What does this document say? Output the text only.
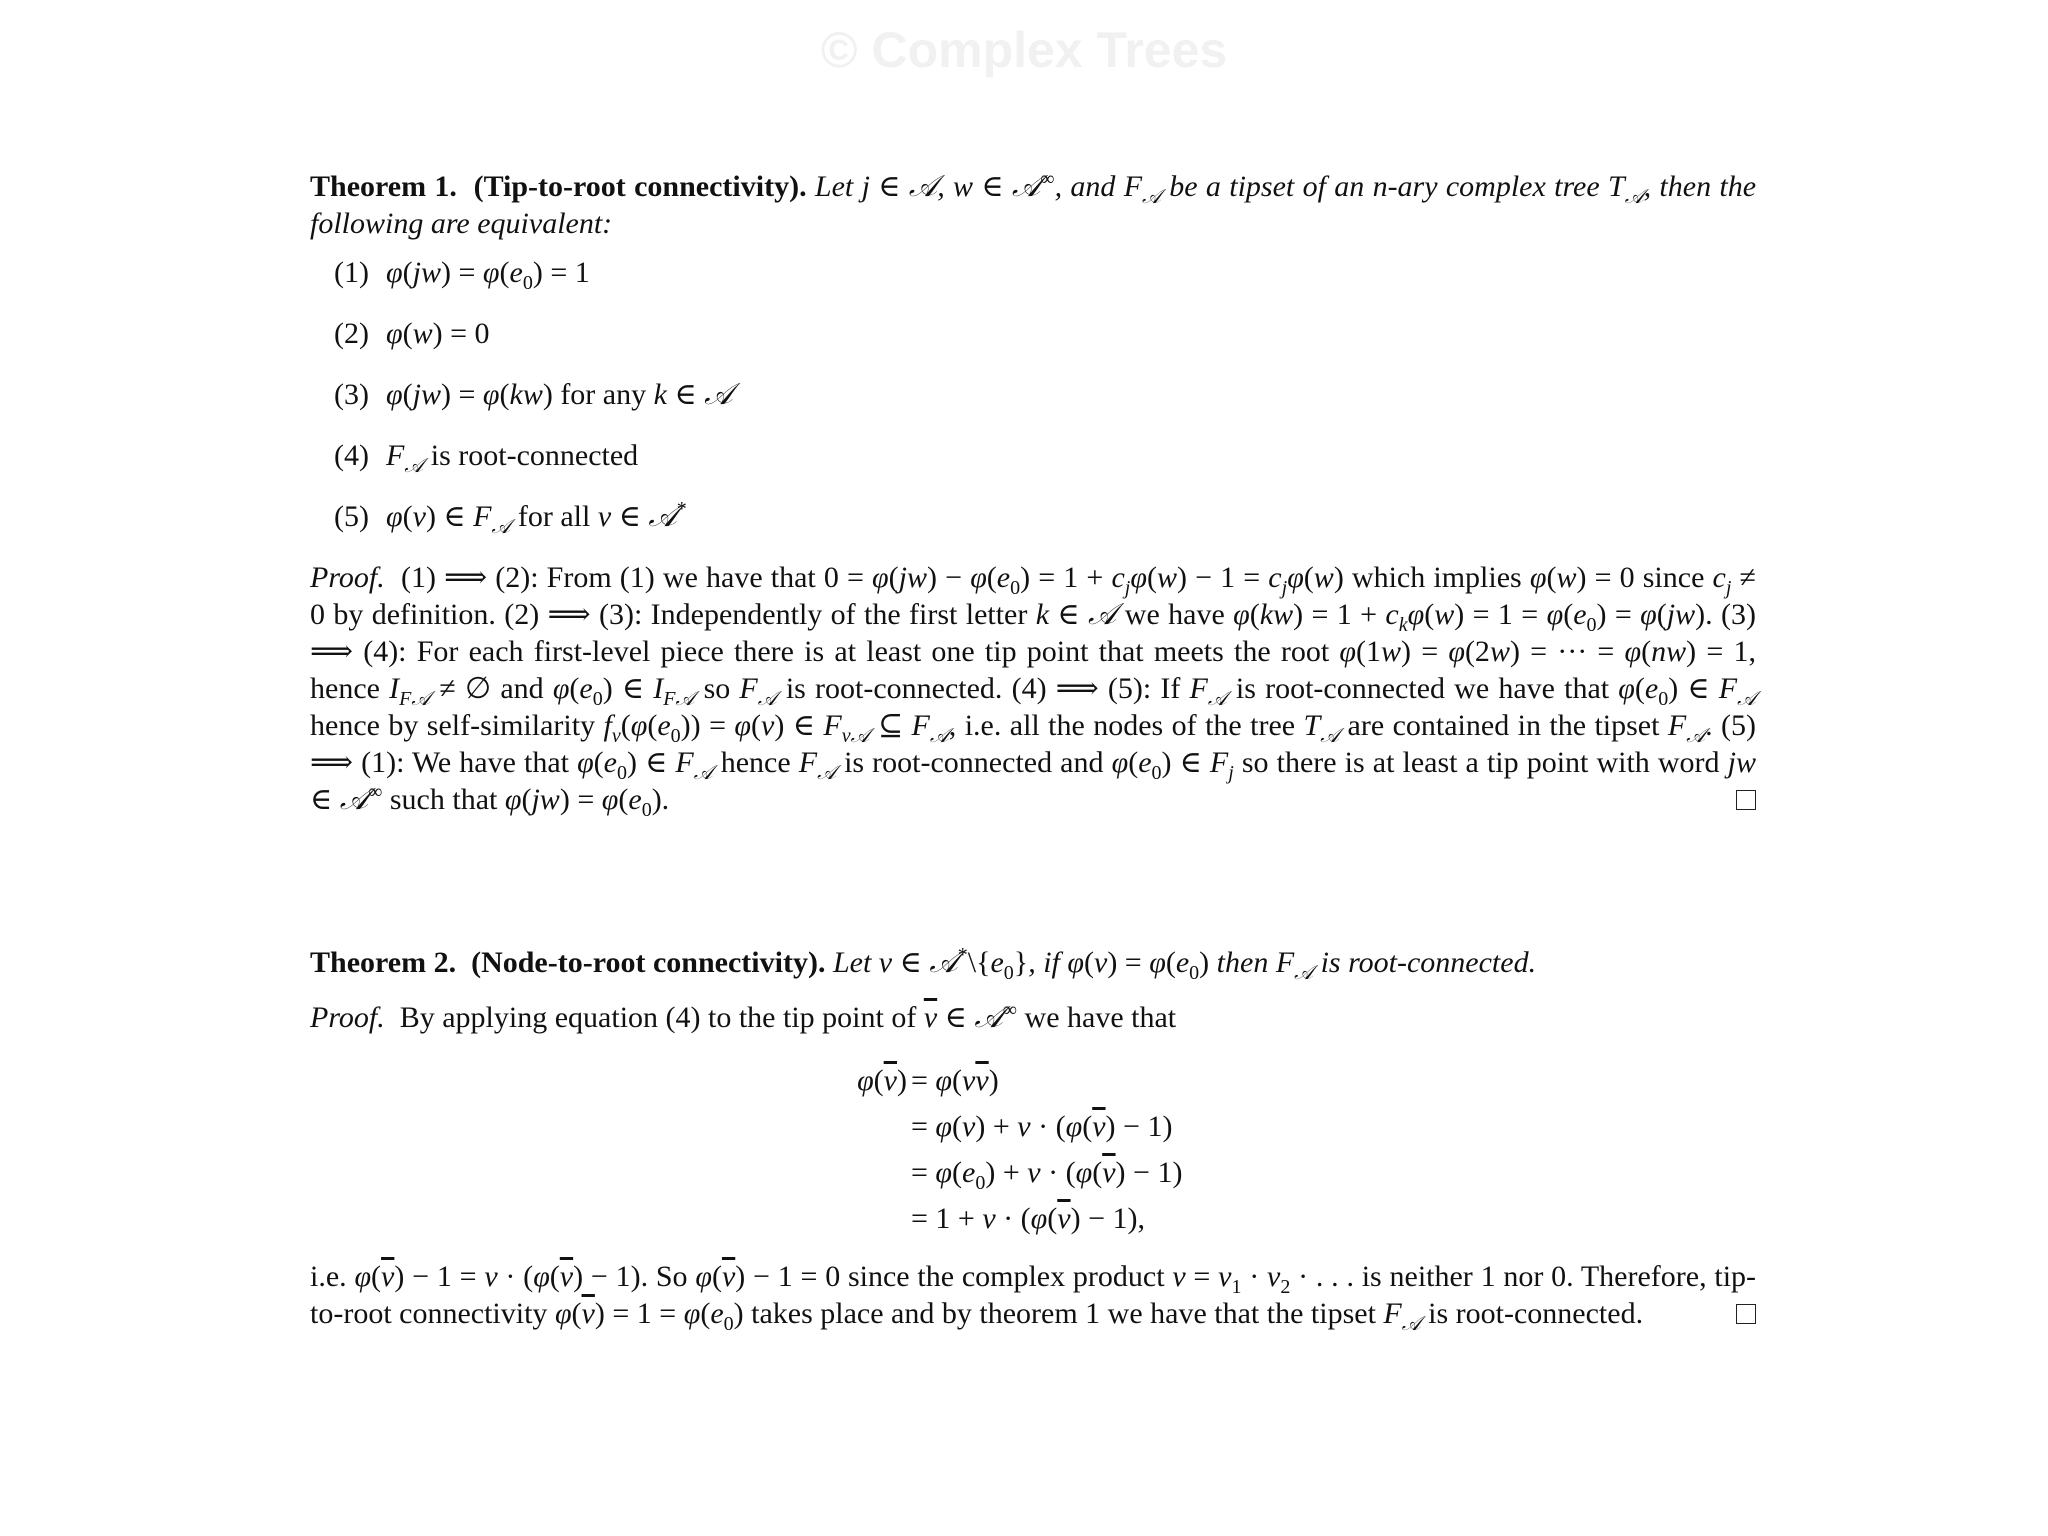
© Complex Trees

Theorem 1. (Tip-to-root connectivity). Let j ∈ 𝒜, w ∈ 𝒜∞, and $F_𝒜$ be a tipset of an n-ary complex tree $T_𝒜$, then the following are equivalent:

(1) $\varphi(jw) = \varphi(e_0) = 1$
(2) φ(w) = 0
(3) φ(jw) = φ(kw) for any k ∈ 𝒜
(4) $F_𝒜$ is root-connected
(5) φ(v) ∈ $F_𝒜$ for all v ∈ 𝒜*

Proof.  (1) ⟹ (2): From (1) we have that $0 = \varphi(jw) - \varphi(e_0) = 1 + c_j\varphi(w) - 1 = c_j\varphi(w)$ which implies φ(w) = 0 since $c_j \ne 0$ by definition. (2) ⟹ (3): Independently of the first letter k ∈ 𝒜 we have $\varphi(kw) = 1 + c_k\varphi(w) = 1 = \varphi(e_0) = \varphi(jw)$. (3) ⟹ (4): For each first-level piece there is at least one tip point that meets the root φ(1w) = φ(2w) = ··· = φ(nw) = 1, hence $I_{F𝒜}$ ≠ ∅ and $\varphi(e_0)$ ∈ $I_{F𝒜}$ so $F_𝒜$ is root-connected. (4) ⟹ (5): If $F_𝒜$ is root-connected we have that $\varphi(e_0)$ ∈ $F_𝒜$ hence by self-similarity $f_v(\varphi(e_0)) = \varphi(v)$ ∈ $F_{v𝒜}$ ⊆ $F_𝒜$, i.e. all the nodes of the tree $T_𝒜$ are contained in the tipset $F_𝒜$. (5) ⟹ (1): We have that $\varphi(e_0)$ ∈ $F_𝒜$ hence $F_𝒜$ is root-connected and $\varphi(e_0)$ ∈ $F_j$ so there is at least a tip point with word jw ∈ 𝒜∞ such that $\varphi(jw) = \varphi(e_0)$.

Theorem 2. (Node-to-root connectivity). Let v ∈ $𝒜^*\backslash\{e_0\}$, if $\varphi(v) = \varphi(e_0)$ then $F_𝒜$ is root-connected.

Proof.  By applying equation (4) to the tip point of $\overline{v}$ ∈ 𝒜∞ we have that

$\varphi(\overline{v}) = \varphi(v\overline{v})$
= $\varphi(v) + v \cdot (\varphi(\overline{v}) - 1)$
= $\varphi(e_0) + v \cdot (\varphi(\overline{v}) - 1)$
= $1 + v \cdot (\varphi(\overline{v}) - 1)$,

i.e. $\varphi(\overline{v}) - 1 = v \cdot (\varphi(\overline{v}) - 1)$. So $\varphi(\overline{v}) - 1 = 0$ since the complex product $v = v_1 \cdot v_2$ · . . . is neither 1 nor 0. Therefore, tip-to-root connectivity $\varphi(\overline{v}) = 1 = \varphi(e_0)$ takes place and by theorem 1 we have that the tipset $F_𝒜$ is root-connected.
